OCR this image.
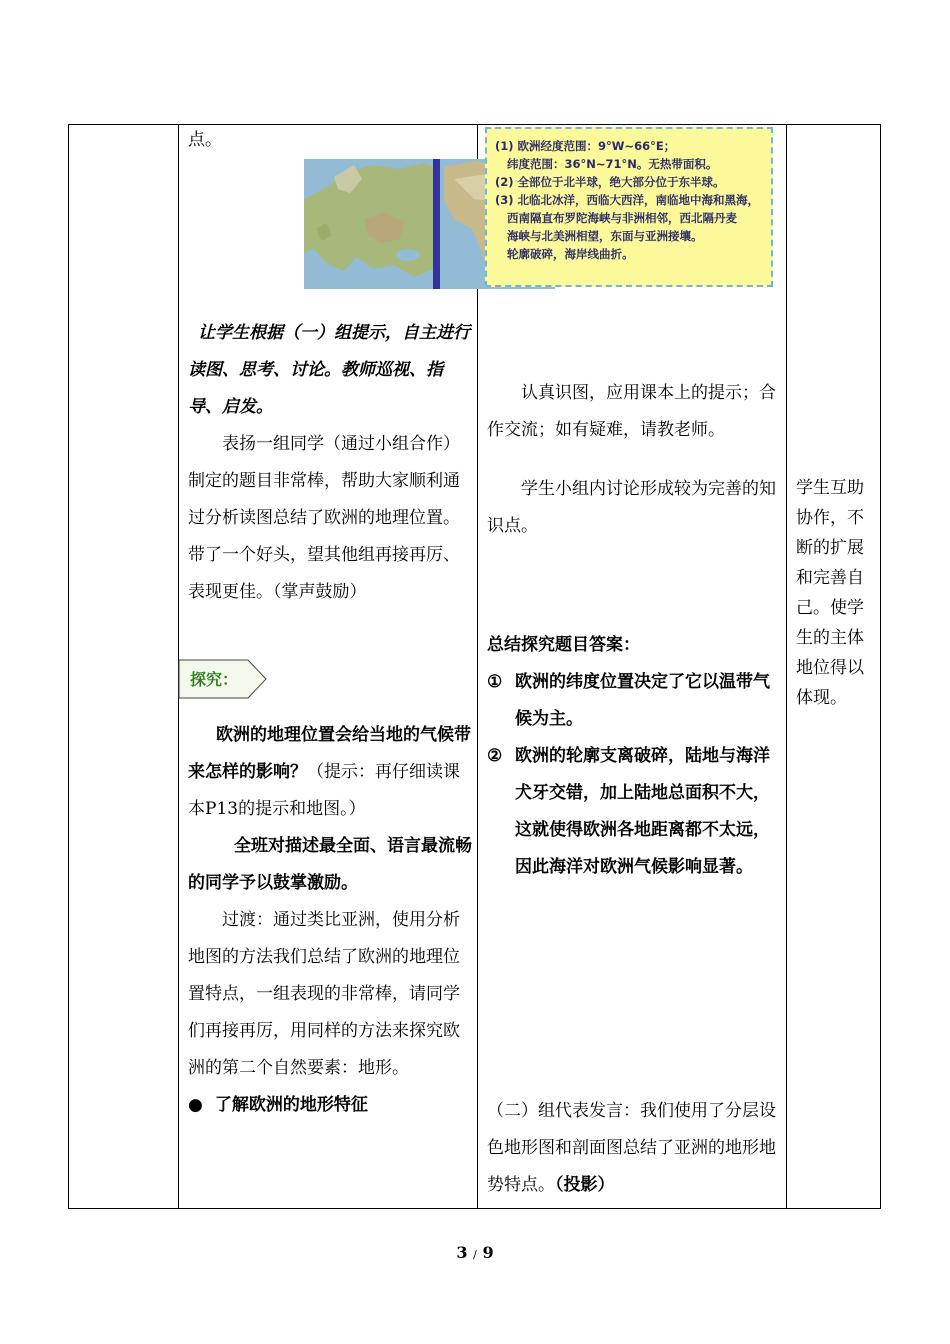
点。

让学生根据（一）组提示，自主进行读图、思考、讨论。教师巡视、指导、启发。

表扬一组同学（通过小组合作）制定的题目非常棒，帮助大家顺利通过分析读图总结了欧洲的地理位置。带了一个好头，望其他组再接再厉、表现更佳。（掌声鼓励）

探究：

欧洲的地理位置会给当地的气候带来怎样的影响？（提示：再仔细读课本P13的提示和地图。）

全班对描述最全面、语言最流畅的同学予以鼓掌激励。

过渡：通过类比亚洲，使用分析地图的方法我们总结了欧洲的地理位置特点，一组表现的非常棒，请同学们再接再厉，用同样的方法来探究欧洲的第二个自然要素：地形。

● 了解欧洲的地形特征

(1) 欧洲经度范围：9°W~66°E；

纬度范围：36°N~71°N。无热带面积。

(2) 全部位于北半球，绝大部分位于东半球。

(3) 北临北冰洋，西临大西洋，南临地中海和黑海，

西南隔直布罗陀海峡与非洲相邻，西北隔丹麦

海峡与北美洲相望，东面与亚洲接壤。

轮廓破碎，海岸线曲折。

认真识图，应用课本上的提示；合作交流；如有疑难，请教老师。

学生小组内讨论形成较为完善的知识点。

总结探究题目答案：

① 欧洲的纬度位置决定了它以温带气候为主。

② 欧洲的轮廓支离破碎，陆地与海洋犬牙交错，加上陆地总面积不大，这就使得欧洲各地距离都不太远，因此海洋对欧洲气候影响显著。

（二）组代表发言：我们使用了分层设色地形图和剖面图总结了亚洲的地形地势特点。（投影）

学生互助协作，不断的扩展和完善自己。使学生的主体地位得以体现。

3 / 9
